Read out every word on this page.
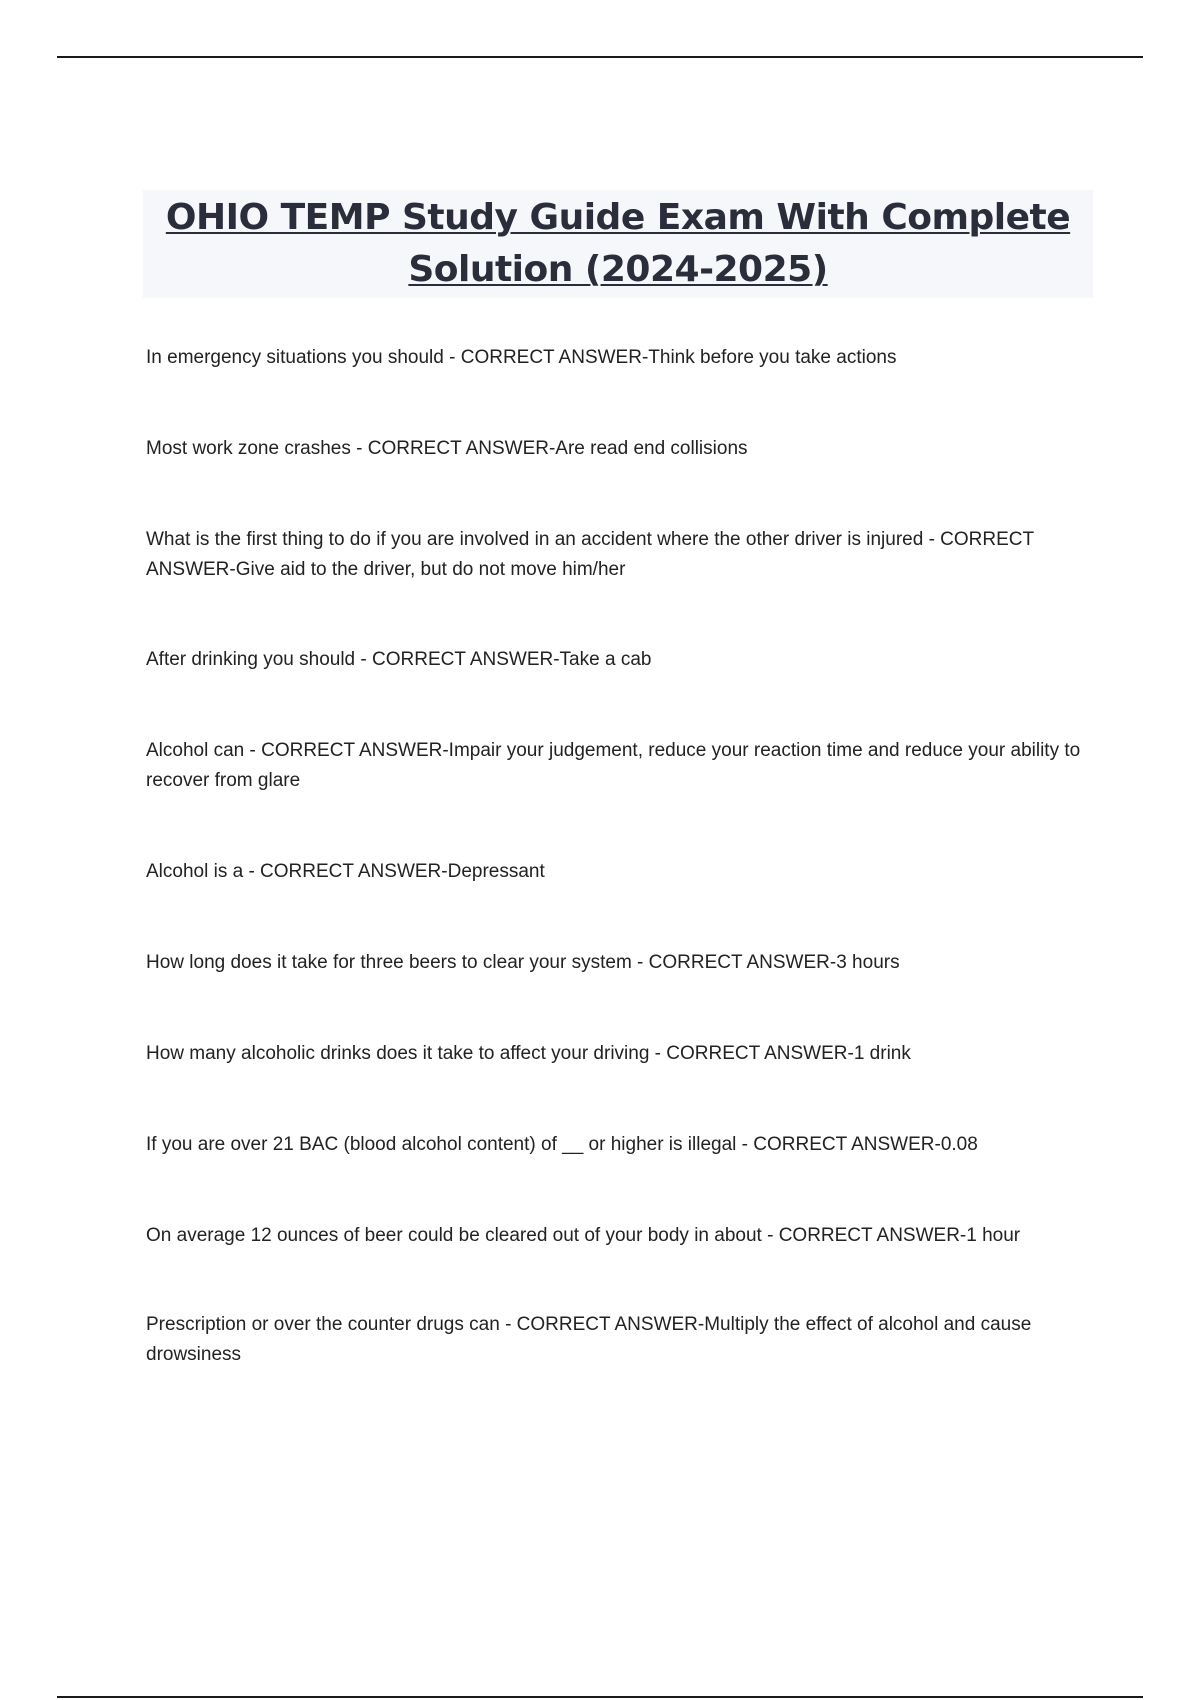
OHIO TEMP Study Guide Exam With Complete Solution (2024-2025)
In emergency situations you should - CORRECT ANSWER-Think before you take actions
Most work zone crashes - CORRECT ANSWER-Are read end collisions
What is the first thing to do if you are involved in an accident where the other driver is injured - CORRECT ANSWER-Give aid to the driver, but do not move him/her
After drinking you should - CORRECT ANSWER-Take a cab
Alcohol can - CORRECT ANSWER-Impair your judgement, reduce your reaction time and reduce your ability to recover from glare
Alcohol is a - CORRECT ANSWER-Depressant
How long does it take for three beers to clear your system - CORRECT ANSWER-3 hours
How many alcoholic drinks does it take to affect your driving - CORRECT ANSWER-1 drink
If you are over 21 BAC (blood alcohol content) of __ or higher is illegal - CORRECT ANSWER-0.08
On average 12 ounces of beer could be cleared out of your body in about - CORRECT ANSWER-1 hour
Prescription or over the counter drugs can - CORRECT ANSWER-Multiply the effect of alcohol and cause drowsiness
